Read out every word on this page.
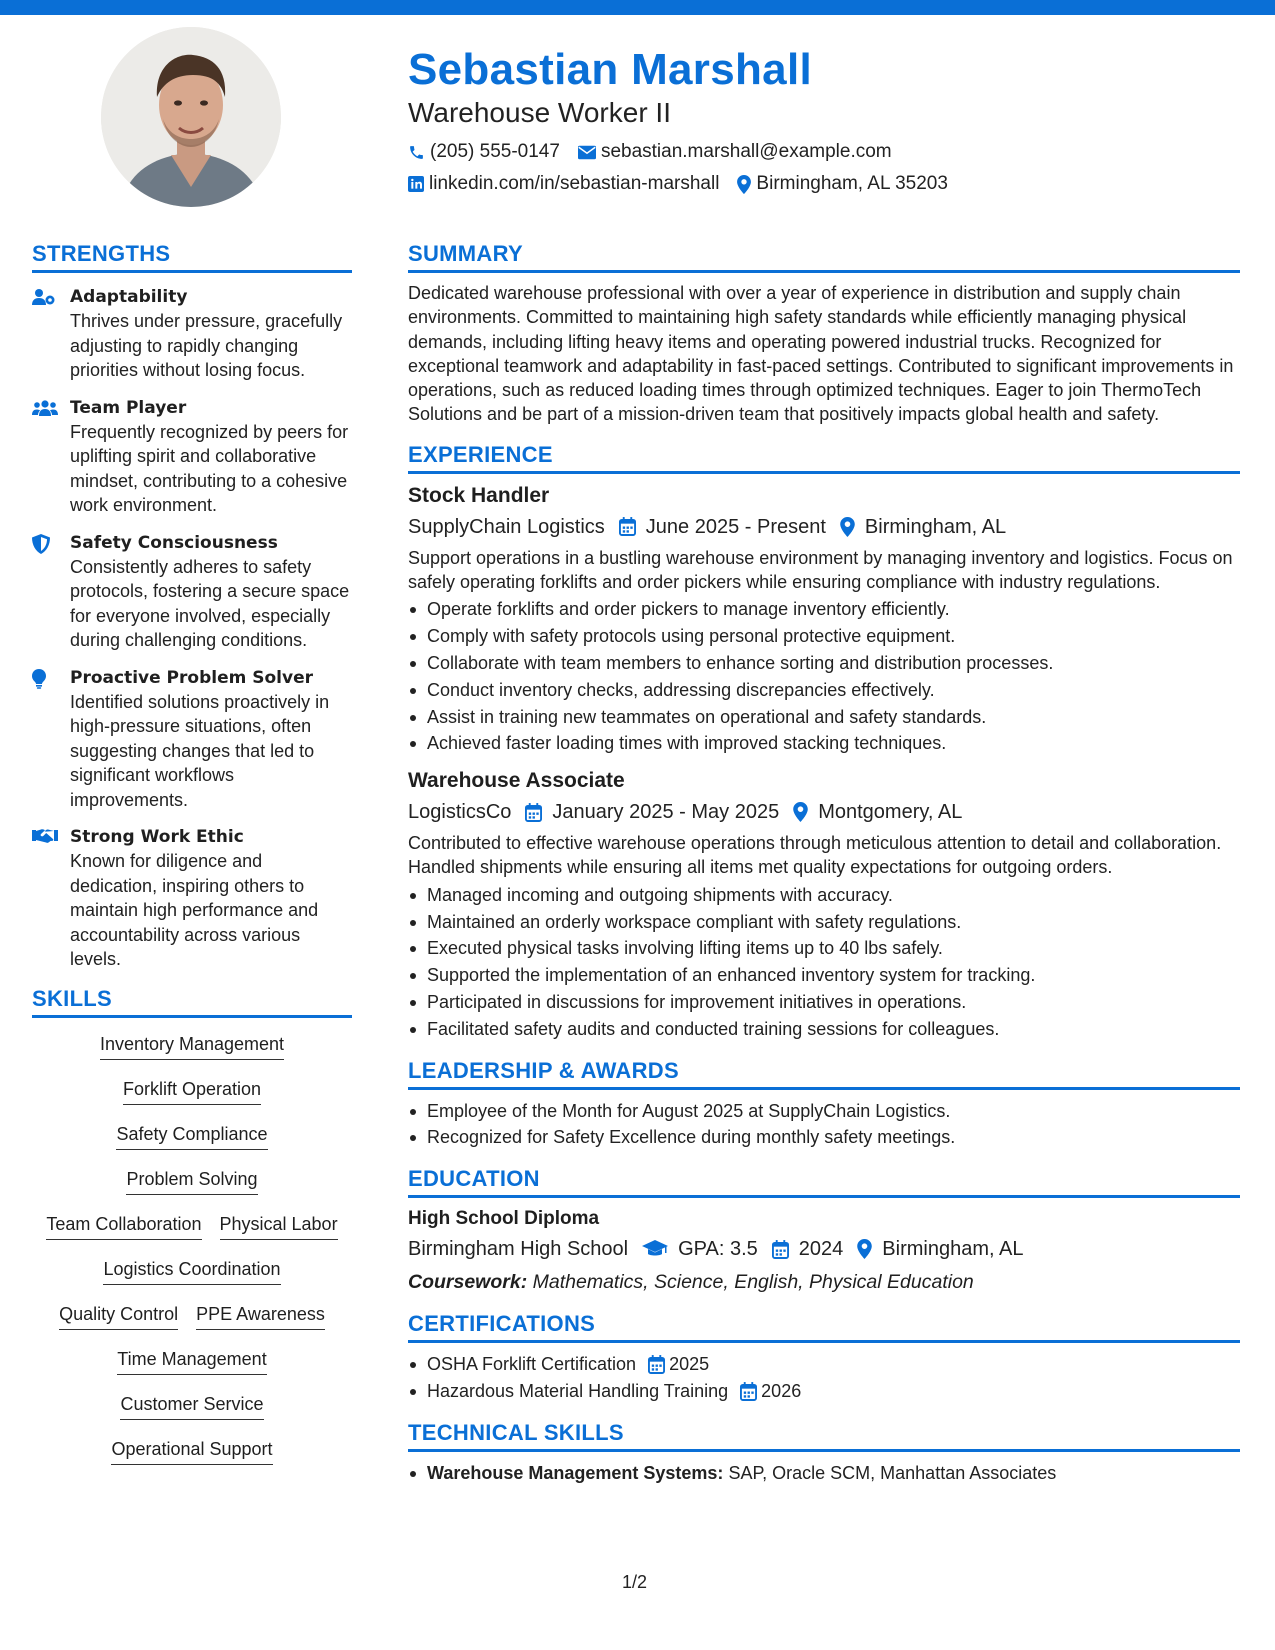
Sebastian Marshall
Warehouse Worker II
(205) 555-0147 sebastian.marshall@example.com
linkedin.com/in/sebastian-marshall Birmingham, AL 35203
STRENGTHS
Adaptability
Thrives under pressure, gracefully adjusting to rapidly changing priorities without losing focus.
Team Player
Frequently recognized by peers for uplifting spirit and collaborative mindset, contributing to a cohesive work environment.
Safety Consciousness
Consistently adheres to safety protocols, fostering a secure space for everyone involved, especially during challenging conditions.
Proactive Problem Solver
Identified solutions proactively in high-pressure situations, often suggesting changes that led to significant workflows improvements.
Strong Work Ethic
Known for diligence and dedication, inspiring others to maintain high performance and accountability across various levels.
SKILLS
Inventory Management
Forklift Operation
Safety Compliance
Problem Solving
Team Collaboration Physical Labor
Logistics Coordination
Quality Control PPE Awareness
Time Management
Customer Service
Operational Support
SUMMARY
Dedicated warehouse professional with over a year of experience in distribution and supply chain environments. Committed to maintaining high safety standards while efficiently managing physical demands, including lifting heavy items and operating powered industrial trucks. Recognized for exceptional teamwork and adaptability in fast-paced settings. Contributed to significant improvements in operations, such as reduced loading times through optimized techniques. Eager to join ThermoTech Solutions and be part of a mission-driven team that positively impacts global health and safety.
EXPERIENCE
Stock Handler
SupplyChain Logistics June 2025 - Present Birmingham, AL
Support operations in a bustling warehouse environment by managing inventory and logistics. Focus on safely operating forklifts and order pickers while ensuring compliance with industry regulations.
Operate forklifts and order pickers to manage inventory efficiently.
Comply with safety protocols using personal protective equipment.
Collaborate with team members to enhance sorting and distribution processes.
Conduct inventory checks, addressing discrepancies effectively.
Assist in training new teammates on operational and safety standards.
Achieved faster loading times with improved stacking techniques.
Warehouse Associate
LogisticsCo January 2025 - May 2025 Montgomery, AL
Contributed to effective warehouse operations through meticulous attention to detail and collaboration. Handled shipments while ensuring all items met quality expectations for outgoing orders.
Managed incoming and outgoing shipments with accuracy.
Maintained an orderly workspace compliant with safety regulations.
Executed physical tasks involving lifting items up to 40 lbs safely.
Supported the implementation of an enhanced inventory system for tracking.
Participated in discussions for improvement initiatives in operations.
Facilitated safety audits and conducted training sessions for colleagues.
LEADERSHIP & AWARDS
Employee of the Month for August 2025 at SupplyChain Logistics.
Recognized for Safety Excellence during monthly safety meetings.
EDUCATION
High School Diploma
Birmingham High School	GPA: 3.5 2024 Birmingham, AL
Coursework: Mathematics, Science, English, Physical Education
CERTIFICATIONS
OSHA Forklift Certification 2025
Hazardous Material Handling Training 2026
TECHNICAL SKILLS
Warehouse Management Systems: SAP, Oracle SCM, Manhattan Associates
1/2
